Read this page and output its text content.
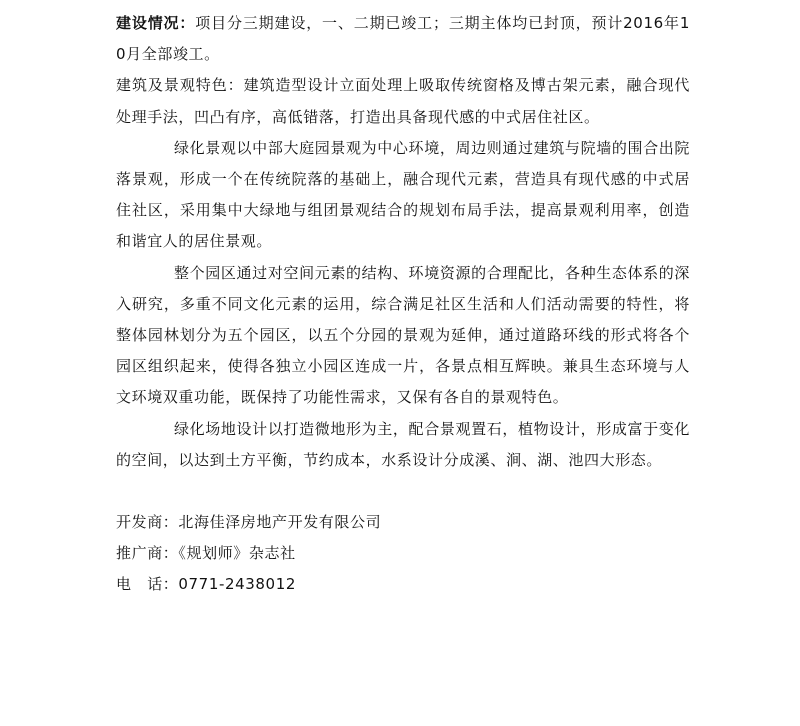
建设情况：项目分三期建设，一、二期已竣工；三期主体均已封顶，预计2016年10月全部竣工。

建筑及景观特色：建筑造型设计立面处理上吸取传统窗格及博古架元素，融合现代处理手法，凹凸有序，高低错落，打造出具备现代感的中式居住社区。

绿化景观以中部大庭园景观为中心环境，周边则通过建筑与院墙的围合出院落景观，形成一个在传统院落的基础上，融合现代元素，营造具有现代感的中式居住社区，采用集中大绿地与组团景观结合的规划布局手法，提高景观利用率，创造和谐宜人的居住景观。

整个园区通过对空间元素的结构、环境资源的合理配比，各种生态体系的深入研究，多重不同文化元素的运用，综合满足社区生活和人们活动需要的特性，将整体园林划分为五个园区，以五个分园的景观为延伸，通过道路环线的形式将各个园区组织起来，使得各独立小园区连成一片，各景点相互辉映。兼具生态环境与人文环境双重功能，既保持了功能性需求，又保有各自的景观特色。

绿化场地设计以打造微地形为主，配合景观置石，植物设计，形成富于变化的空间，以达到土方平衡，节约成本，水系设计分成溪、涧、湖、池四大形态。

开发商：北海佳泽房地产开发有限公司

推广商：《规划师》杂志社

电　话：0771-2438012
